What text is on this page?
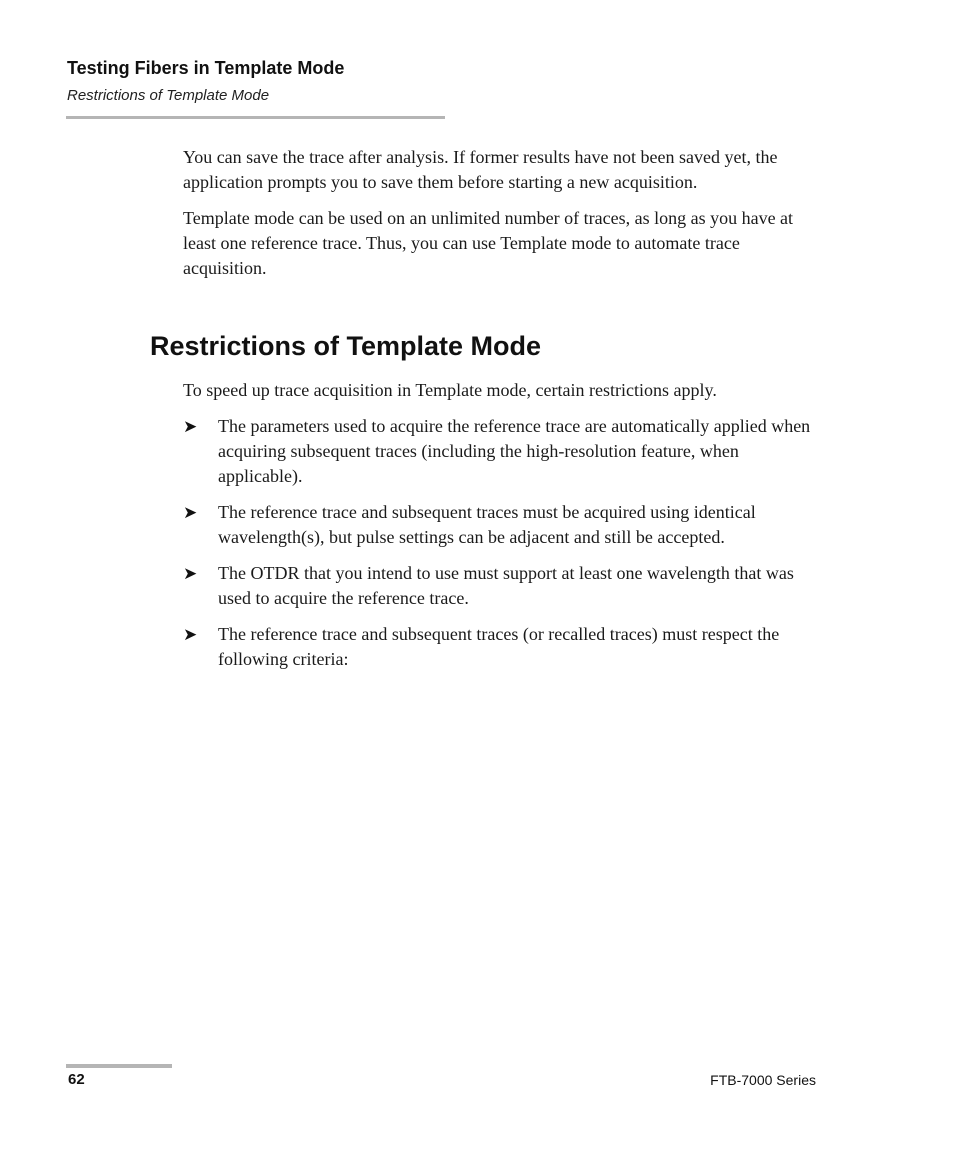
Testing Fibers in Template Mode
Restrictions of Template Mode

You can save the trace after analysis. If former results have not been saved yet, the application prompts you to save them before starting a new acquisition.

Template mode can be used on an unlimited number of traces, as long as you have at least one reference trace. Thus, you can use Template mode to automate trace acquisition.

Restrictions of Template Mode

To speed up trace acquisition in Template mode, certain restrictions apply.

➤ The parameters used to acquire the reference trace are automatically applied when acquiring subsequent traces (including the high-resolution feature, when applicable).
➤ The reference trace and subsequent traces must be acquired using identical wavelength(s), but pulse settings can be adjacent and still be accepted.
➤ The OTDR that you intend to use must support at least one wavelength that was used to acquire the reference trace.
➤ The reference trace and subsequent traces (or recalled traces) must respect the following criteria:
62	FTB-7000 Series
